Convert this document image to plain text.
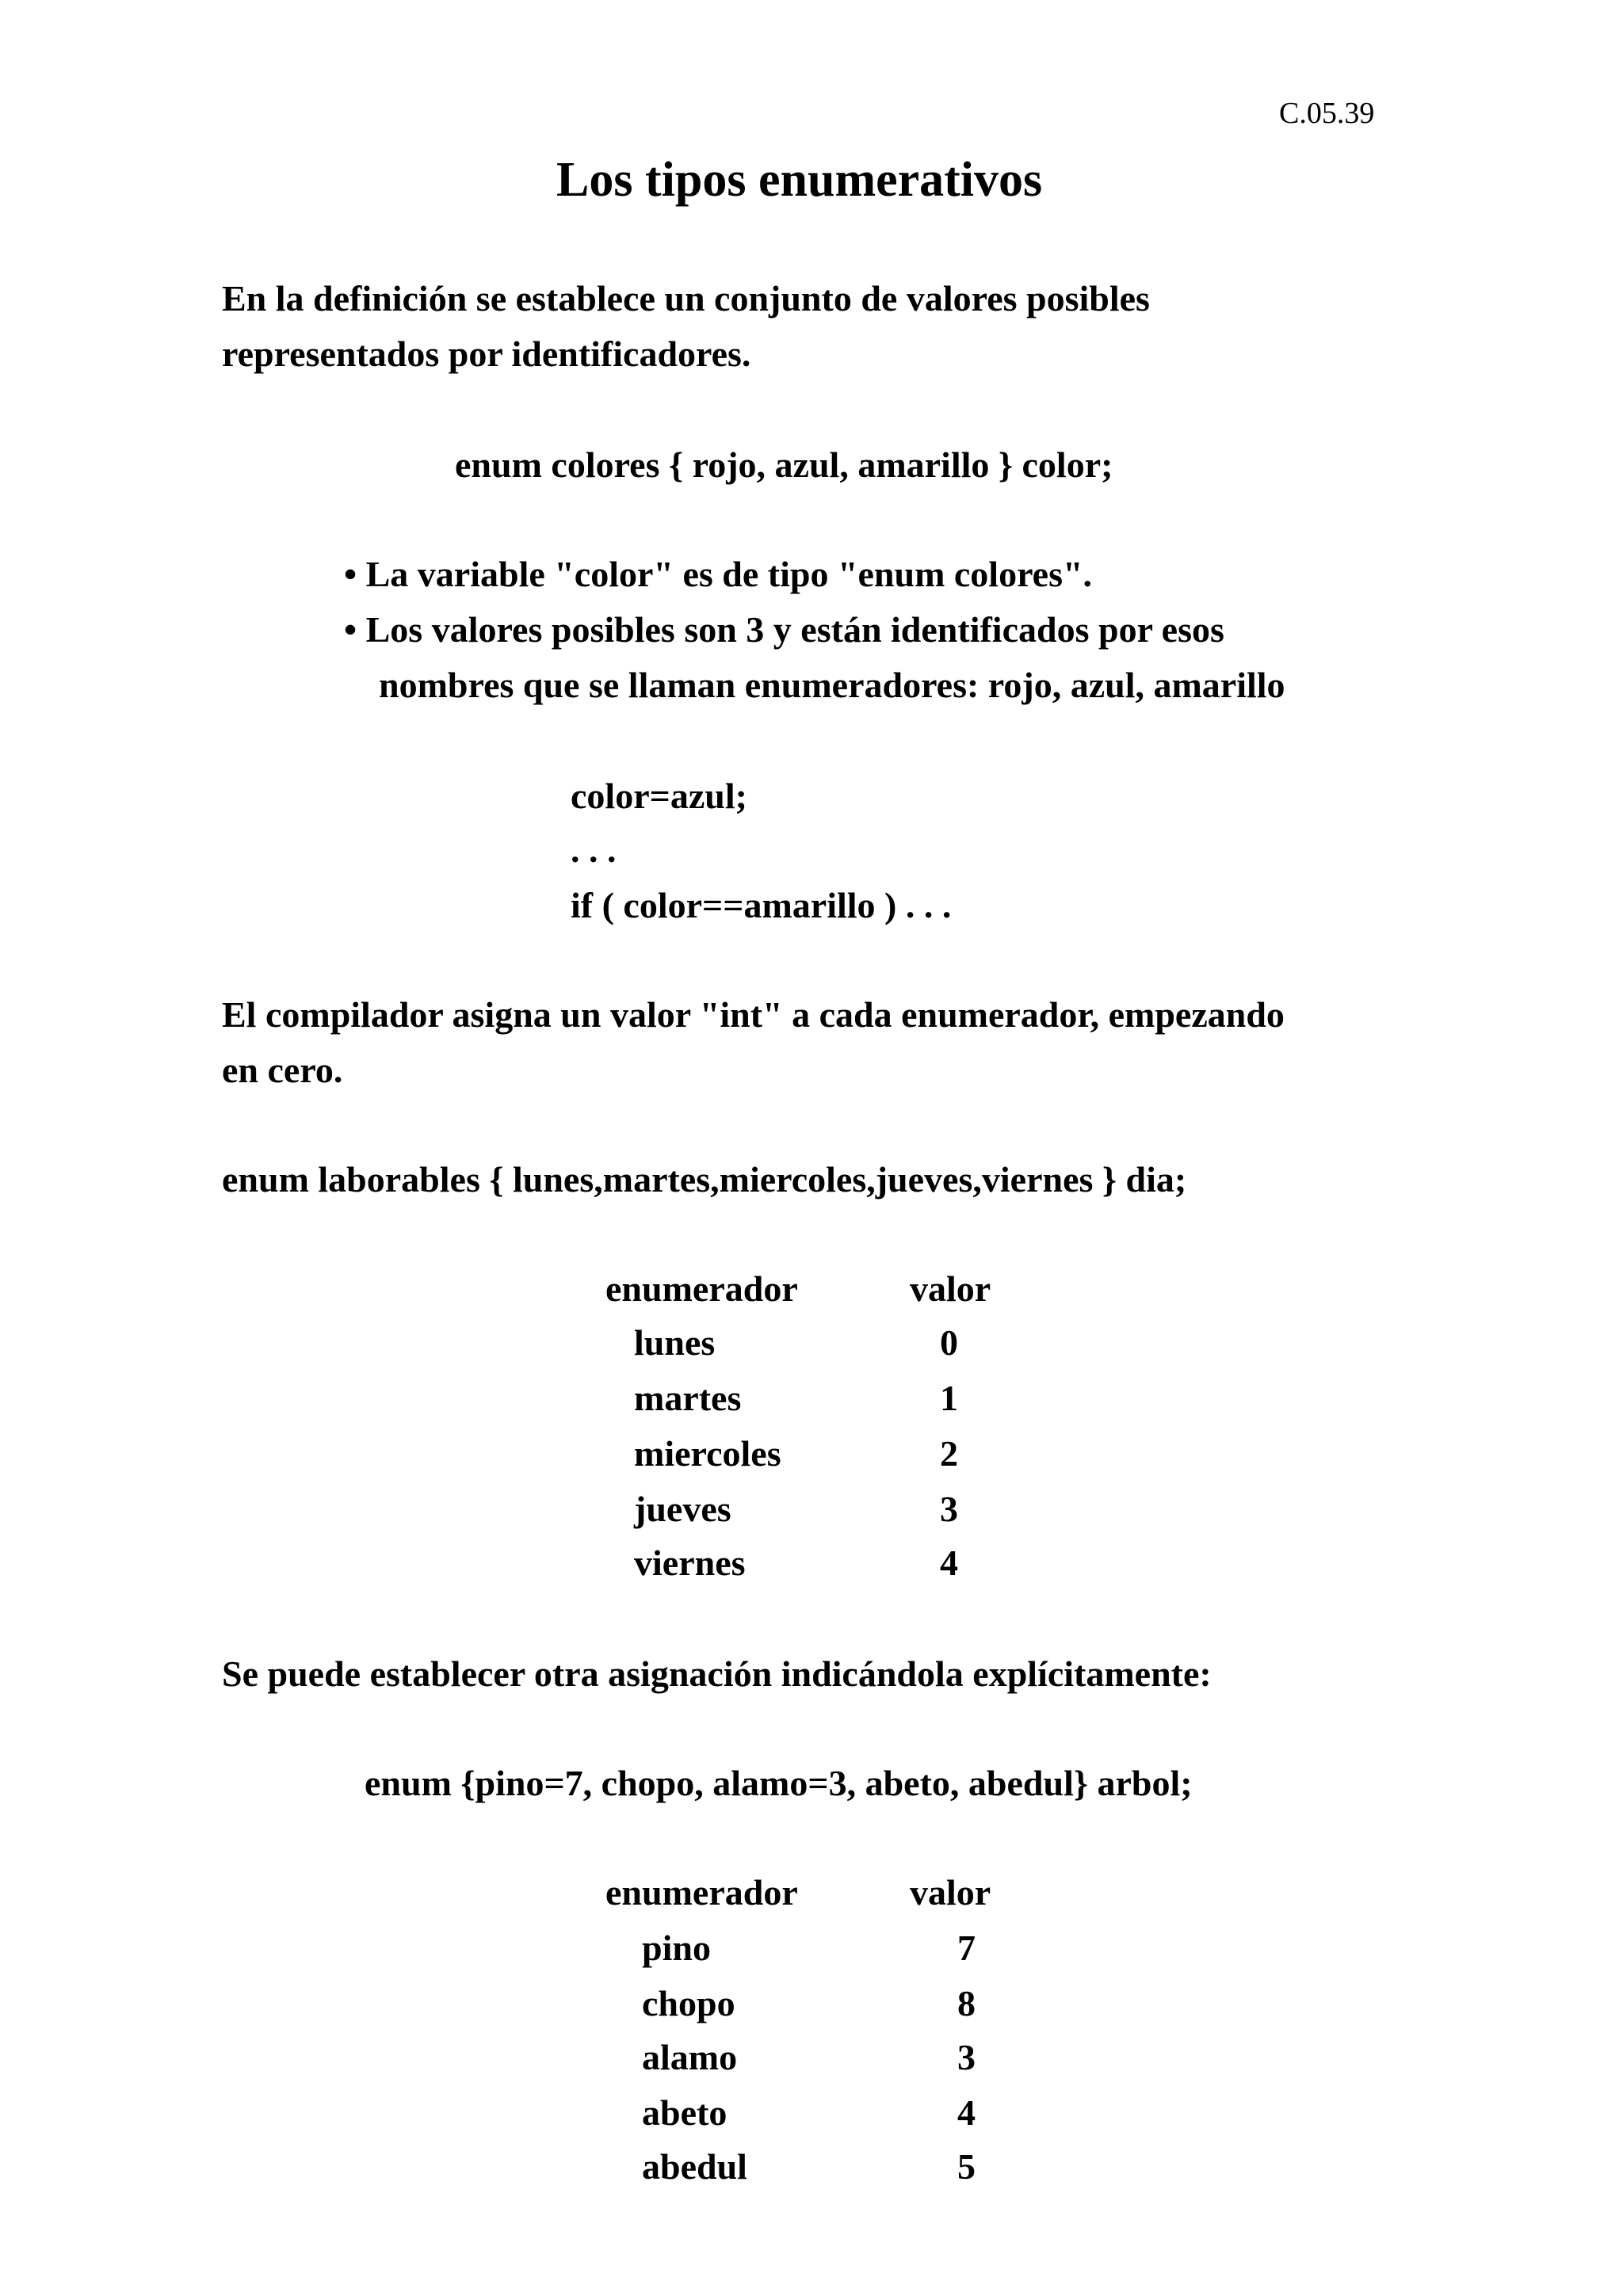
C.05.39
Los tipos enumerativos
En la definición se establece un conjunto de valores posibles
representados por identificadores.
enum colores { rojo, azul, amarillo } color;
• La variable "color" es de tipo "enum colores".
• Los valores posibles son 3 y están identificados por esos
nombres que se llaman enumeradores: rojo, azul, amarillo
color=azul;
. . .
if ( color==amarillo ) . . .
El compilador asigna un valor "int" a cada enumerador, empezando
en cero.
enum laborables { lunes,martes,miercoles,jueves,viernes } dia;
enumerador	valor
lunes	0
martes	1
miercoles	2
jueves	3
viernes	4
Se puede establecer otra asignación indicándola explícitamente:
enum {pino=7, chopo, alamo=3, abeto, abedul} arbol;
enumerador	valor
pino	7
chopo	8
alamo	3
abeto	4
abedul	5
